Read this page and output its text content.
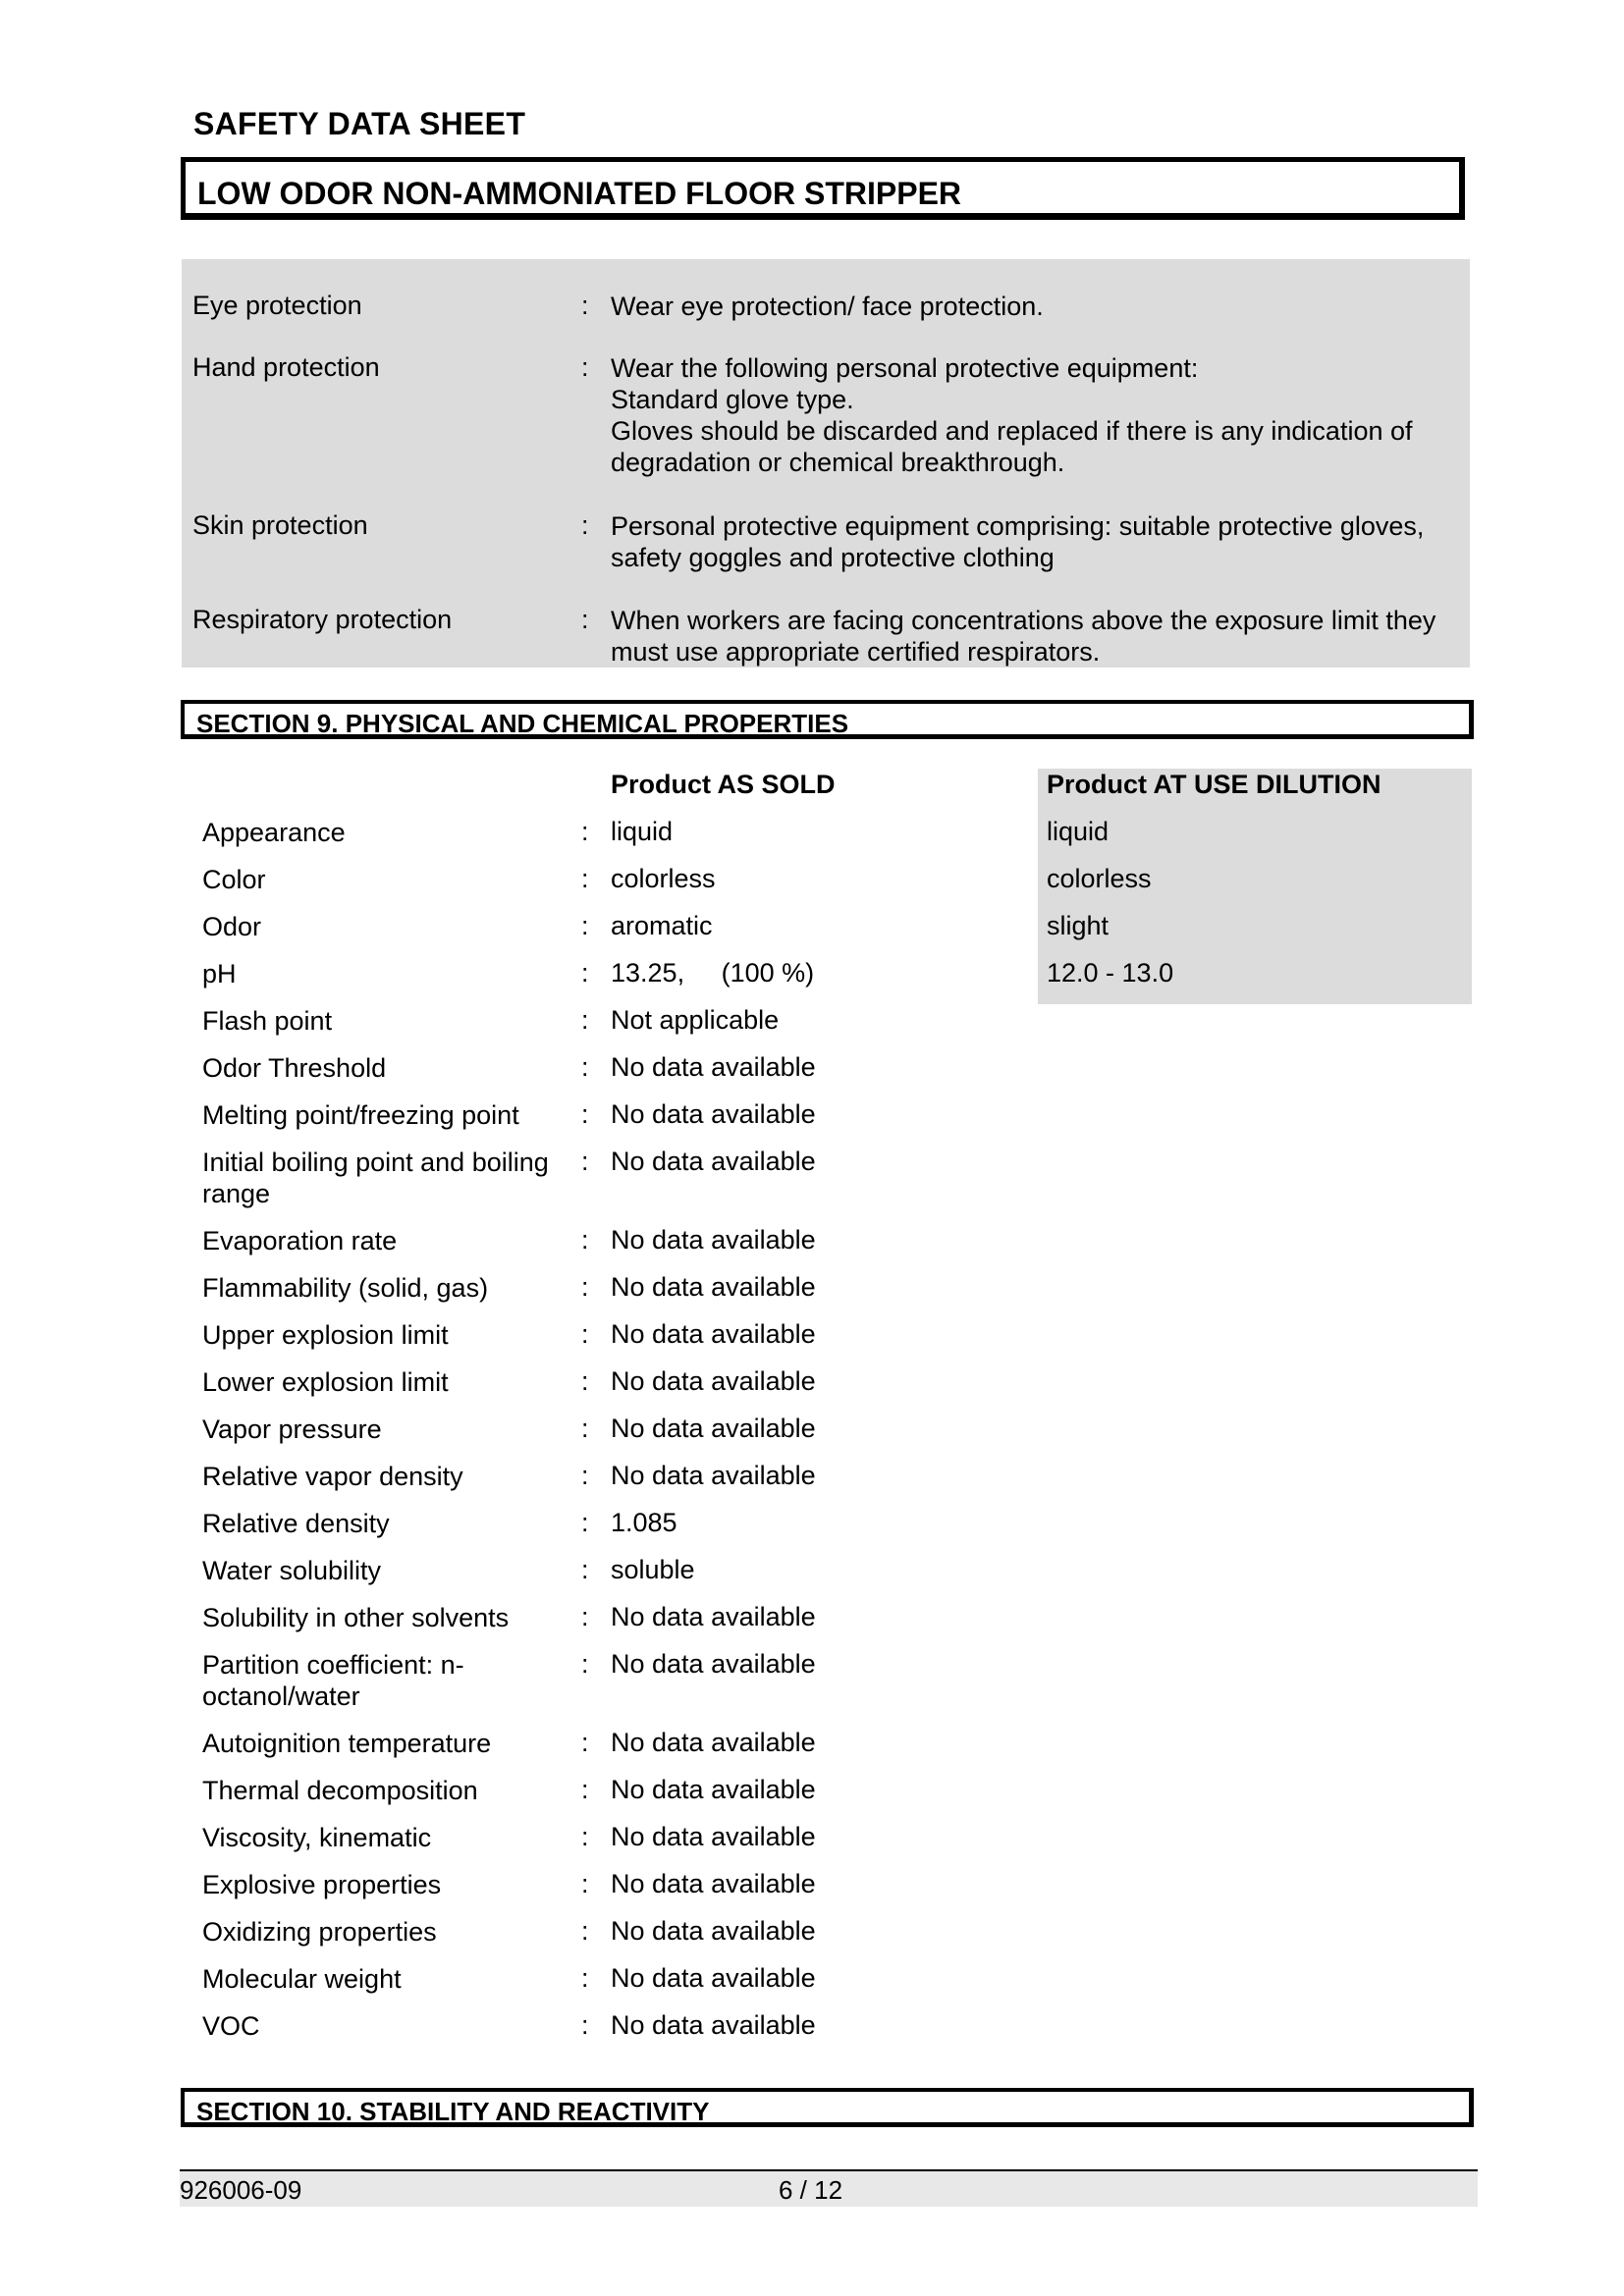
SAFETY DATA SHEET
LOW ODOR NON-AMMONIATED FLOOR STRIPPER
Eye protection	: Wear eye protection/ face protection.
Hand protection	: Wear the following personal protective equipment:
Standard glove type.
Gloves should be discarded and replaced if there is any indication of degradation or chemical breakthrough.
Skin protection	: Personal protective equipment comprising: suitable protective gloves, safety goggles and protective clothing
Respiratory protection	: When workers are facing concentrations above the exposure limit they must use appropriate certified respirators.
SECTION 9. PHYSICAL AND CHEMICAL PROPERTIES
Product AS SOLD	Product AT USE DILUTION
Appearance	: liquid	liquid
Color	: colorless	colorless
Odor	: aromatic	slight
pH	: 13.25,     (100 %)	12.0 - 13.0
Flash point	: Not applicable
Odor Threshold	: No data available
Melting point/freezing point	: No data available
Initial boiling point and boiling range
: No data available
Evaporation rate	: No data available
Flammability (solid, gas)	: No data available
Upper explosion limit	: No data available
Lower explosion limit	: No data available
Vapor pressure	: No data available
Relative vapor density	: No data available
Relative density	: 1.085
Water solubility	: soluble
Solubility in other solvents	: No data available
Partition coefficient: n-octanol/water
: No data available
Autoignition temperature	: No data available
Thermal decomposition	: No data available
Viscosity, kinematic	: No data available
Explosive properties	: No data available
Oxidizing properties	: No data available
Molecular weight	: No data available
VOC	: No data available
SECTION 10. STABILITY AND REACTIVITY
926006-09	6 / 12
